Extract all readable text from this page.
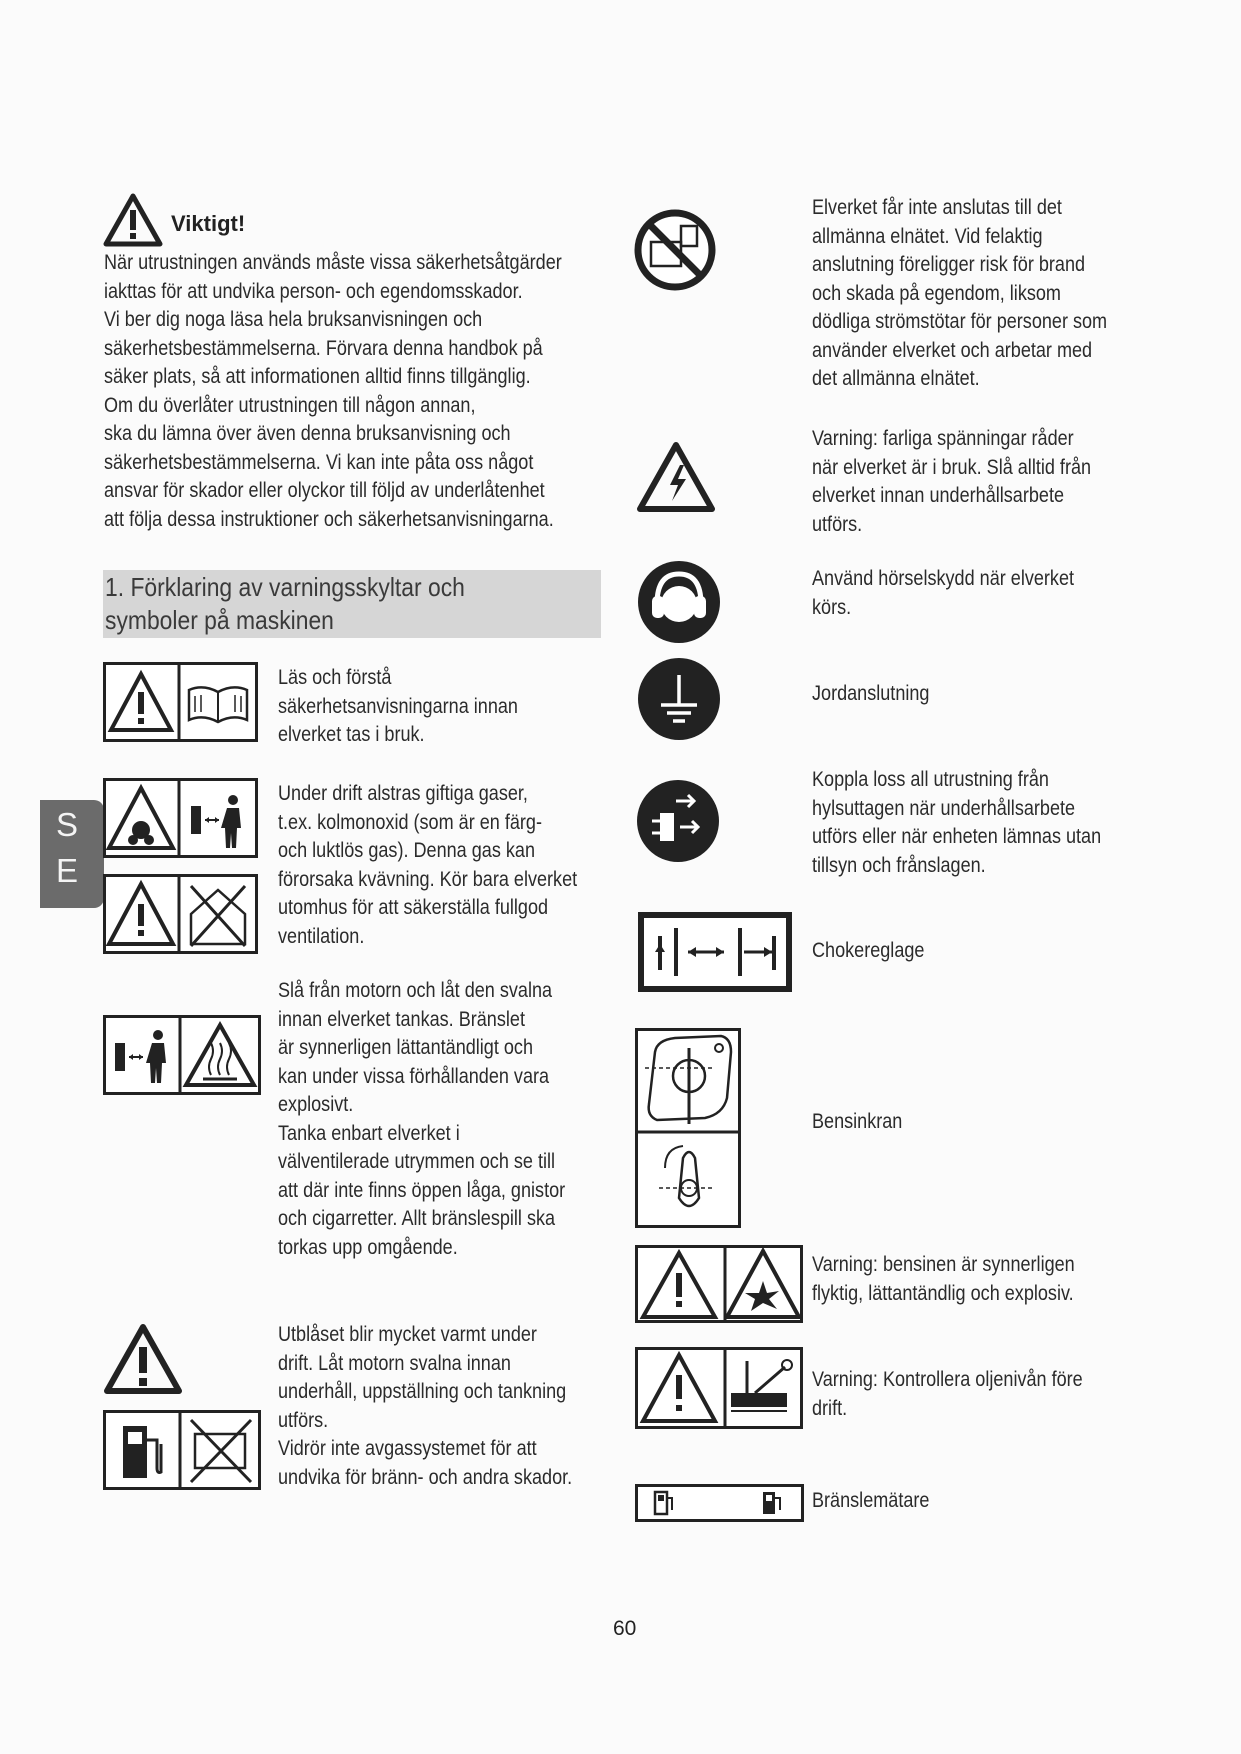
Viktigt!
När utrustningen används måste vissa säkerhetsåtgärder
iakttas för att undvika person- och egendomsskador.
Vi ber dig noga läsa hela bruksanvisningen och
säkerhetsbestämmelserna. Förvara denna handbok på
säker plats, så att informationen alltid finns tillgänglig.
Om du överlåter utrustningen till någon annan,
ska du lämna över även denna bruksanvisning och
säkerhetsbestämmelserna. Vi kan inte påta oss något
ansvar för skador eller olyckor till följd av underlåtenhet
att följa dessa instruktioner och säkerhetsanvisningarna.
1. Förklaring av varningsskyltar och
symboler på maskinen
S
E
Läs och förstå
säkerhetsanvisningarna innan
elverket tas i bruk.
Under drift alstras giftiga gaser,
t.ex. kolmonoxid (som är en färg-
och luktlös gas). Denna gas kan
förorsaka kvävning. Kör bara elverket
utomhus för att säkerställa fullgod
ventilation.
Slå från motorn och låt den svalna
innan elverket tankas. Bränslet
är synnerligen lättantändligt och
kan under vissa förhållanden vara
explosivt.
Tanka enbart elverket i
välventilerade utrymmen och se till
att där inte finns öppen låga, gnistor
och cigarretter. Allt bränslespill ska
torkas upp omgående.
Utblåset blir mycket varmt under
drift. Låt motorn svalna innan
underhåll, uppställning och tankning
utförs.
Vidrör inte avgassystemet för att
undvika för bränn- och andra skador.
Elverket får inte anslutas till det
allmänna elnätet. Vid felaktig
anslutning föreligger risk för brand
och skada på egendom, liksom
dödliga strömstötar för personer som
använder elverket och arbetar med
det allmänna elnätet.
Varning: farliga spänningar råder
när elverket är i bruk. Slå alltid från
elverket innan underhållsarbete
utförs.
Använd hörselskydd när elverket
körs.
Jordanslutning
Koppla loss all utrustning från
hylsuttagen när underhållsarbete
utförs eller när enheten lämnas utan
tillsyn och frånslagen.
Chokereglage
Bensinkran
Varning: bensinen är synnerligen
flyktig, lättantändlig och explosiv.
Varning: Kontrollera oljenivån före
drift.
Bränslemätare
60
